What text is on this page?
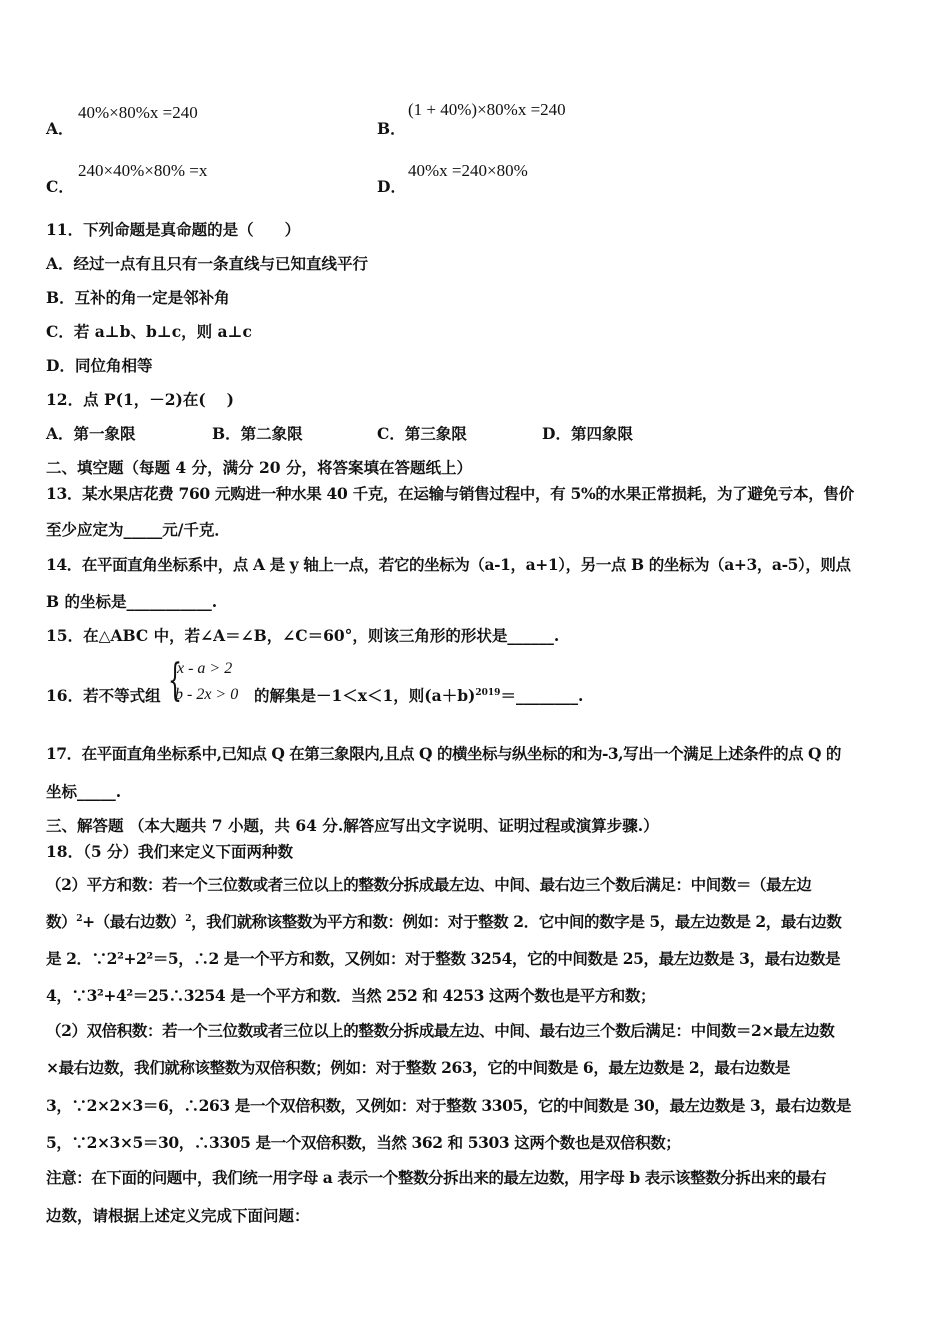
A．
40%×80%x =240
B．
(1 + 40%)×80%x =240
C．
240×40%×80% =x
D．
40%x =240×80%
11．下列命题是真命题的是（　　）
A．经过一点有且只有一条直线与已知直线平行
B．互补的角一定是邻补角
C．若 a⊥b、b⊥c，则 a⊥c
D．同位角相等
12．点 P(1，－2)在(　 )
A．第一象限	B．第二象限	C．第三象限	D．第四象限
二、填空题（每题 4 分，满分 20 分，将答案填在答题纸上）
13．某水果店花费 760 元购进一种水果 40 千克，在运输与销售过程中，有 5%的水果正常损耗，为了避免亏本，售价
至少应定为_____元/千克．
14．在平面直角坐标系中，点 A 是 y 轴上一点，若它的坐标为（a-1，a+1），另一点 B 的坐标为（a+3，a-5），则点
B 的坐标是___________.
15．在△ABC 中，若∠A＝∠B，∠C＝60°，则该三角形的形状是______.
16．若不等式组 {
x - a > 2
b - 2x > 0 的解集是－1＜x＜1，则$(a+b)^{2019}=\_\_\_\_\_\_\_\_$.
17．在平面直角坐标系中,已知点 Q 在第三象限内,且点 Q 的横坐标与纵坐标的和为-3,写出一个满足上述条件的点 Q 的
坐标_____.
三、解答题 （本大题共 7 小题，共 64 分.解答应写出文字说明、证明过程或演算步骤.）
18．（5 分）我们来定义下面两种数
（2）平方和数：若一个三位数或者三位以上的整数分拆成最左边、中间、最右边三个数后满足：中间数＝（最左边
数）$^2$+（最右边数）$^2$，我们就称该整数为平方和数：例如：对于整数 2．它中间的数字是 5，最左边数是 2，最右边数
是 2．∵2²+2²＝5，∴2 是一个平方和数，又例如：对于整数 3254，它的中间数是 25，最左边数是 3，最右边数是
4，∵3²+4²＝25∴3254 是一个平方和数．当然 252 和 4253 这两个数也是平方和数；
（2）双倍积数：若一个三位数或者三位以上的整数分拆成最左边、中间、最右边三个数后满足：中间数＝2×最左边数
×最右边数，我们就称该整数为双倍积数；例如：对于整数 263，它的中间数是 6，最左边数是 2，最右边数是
3，∵2×2×3＝6，∴263 是一个双倍积数，又例如：对于整数 3305，它的中间数是 30，最左边数是 3，最右边数是
5，∵2×3×5＝30，∴3305 是一个双倍积数，当然 362 和 5303 这两个数也是双倍积数；
注意：在下面的问题中，我们统一用字母 a 表示一个整数分拆出来的最左边数，用字母 b 表示该整数分拆出来的最右
边数，请根据上述定义完成下面问题：
